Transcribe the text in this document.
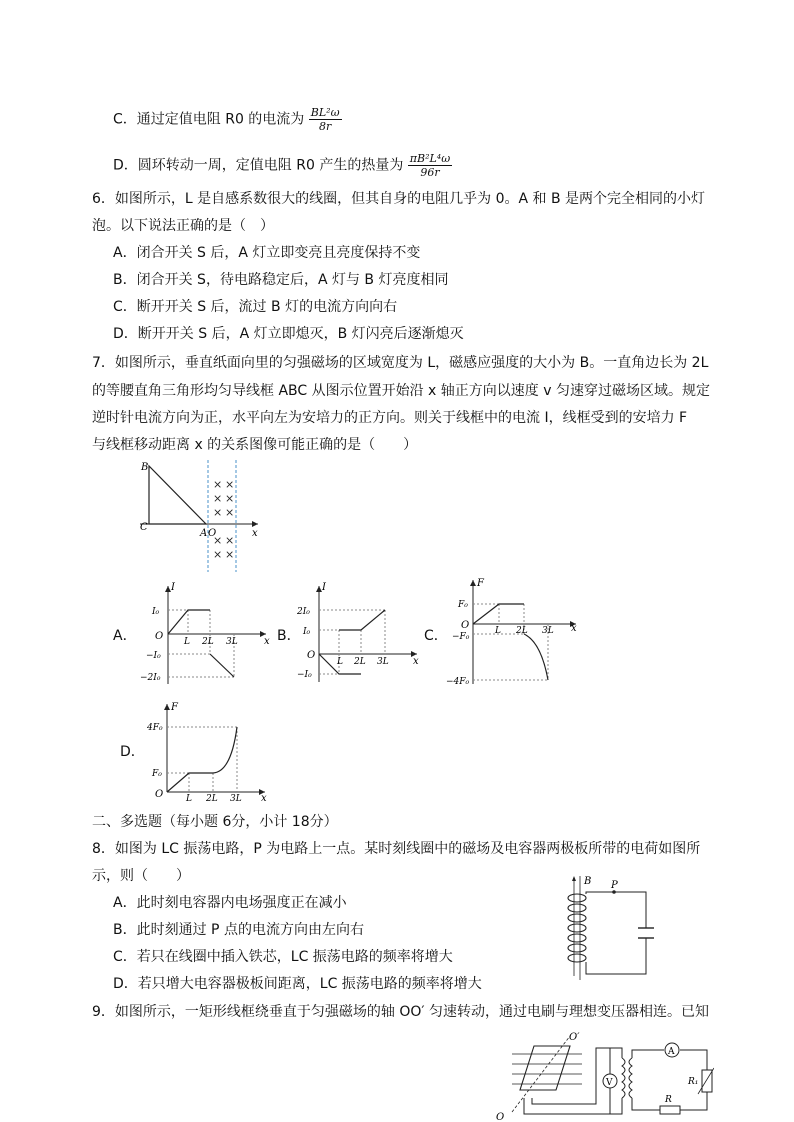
C．通过定值电阻 R0 的电流为 $\frac{\text{BL²ω}}{8r}$
D．圆环转动一周，定值电阻 R0 产生的热量为 $\frac{\text{πB²L⁴ω}}{96r}$
6．如图所示，L 是自感系数很大的线圈，但其自身的电阻几乎为 0。A 和 B 是两个完全相同的小灯
泡。以下说法正确的是（　）
A．闭合开关 S 后，A 灯立即变亮且亮度保持不变
B．闭合开关 S，待电路稳定后，A 灯与 B 灯亮度相同
C．断开开关 S 后，流过 B 灯的电流方向向右
D．断开开关 S 后，A 灯立即熄灭，B 灯闪亮后逐渐熄灭
7．如图所示，垂直纸面向里的匀强磁场的区域宽度为 L，磁感应强度的大小为 B。一直角边长为 2L
的等腰直角三角形均匀导线框 ABC 从图示位置开始沿 x 轴正方向以速度 v 匀速穿过磁场区域。规定
逆时针电流方向为正，水平向左为安培力的正方向。则关于线框中的电流 I，线框受到的安培力 F
与线框移动距离 x 的关系图像可能正确的是（　　）
× ×
× ×
× ×
× ×
× ×
B
C
A O	x
A．
I
O	x
L 2L 3L
I₀
−I₀
−2I₀
B．
I
O
x
L 2L 3L
2I₀
I₀
−I₀
C．
F
O	x
L 2L 3L
F₀
−F₀
−4F₀
D．
F
O	x
L 2L 3L
4F₀
F₀
二、多选题（每小题 6分，小计 18分）
8．如图为 LC 振荡电路，P 为电路上一点。某时刻线圈中的磁场及电容器两极板所带的电荷如图所
示，则（　　）
A．此时刻电容器内电场强度正在减小
B．此时刻通过 P 点的电流方向由左向右
C．若只在线圈中插入铁芯，LC 振荡电路的频率将增大
D．若只增大电容器极板间距离，LC 振荡电路的频率将增大
B P
9．如图所示，一矩形线框绕垂直于匀强磁场的轴 OO′ 匀速转动，通过电刷与理想变压器相连。已知
O′
O
V
A
R₁
R
